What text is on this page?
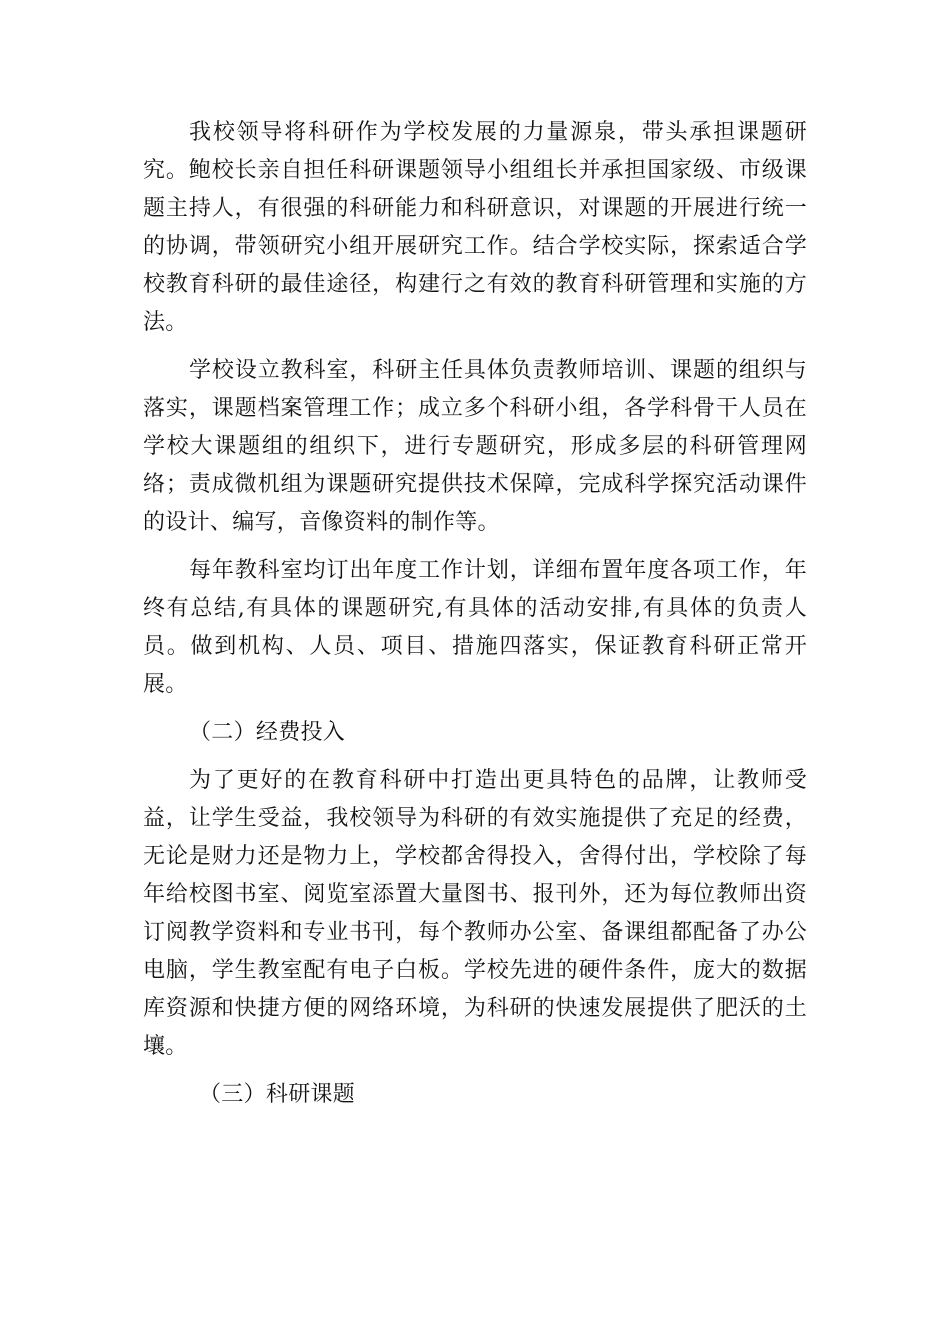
我校领导将科研作为学校发展的力量源泉，带头承担课题研究。鲍校长亲自担任科研课题领导小组组长并承担国家级、市级课题主持人，有很强的科研能力和科研意识，对课题的开展进行统一的协调，带领研究小组开展研究工作。结合学校实际，探索适合学校教育科研的最佳途径，构建行之有效的教育科研管理和实施的方法。

学校设立教科室，科研主任具体负责教师培训、课题的组织与落实，课题档案管理工作；成立多个科研小组，各学科骨干人员在学校大课题组的组织下，进行专题研究，形成多层的科研管理网络；责成微机组为课题研究提供技术保障，完成科学探究活动课件的设计、编写，音像资料的制作等。

每年教科室均订出年度工作计划，详细布置年度各项工作，年终有总结,有具体的课题研究,有具体的活动安排,有具体的负责人员。做到机构、人员、项目、措施四落实，保证教育科研正常开展。

（二）经费投入

为了更好的在教育科研中打造出更具特色的品牌，让教师受益，让学生受益，我校领导为科研的有效实施提供了充足的经费，无论是财力还是物力上，学校都舍得投入，舍得付出，学校除了每年给校图书室、阅览室添置大量图书、报刊外，还为每位教师出资订阅教学资料和专业书刊，每个教师办公室、备课组都配备了办公电脑，学生教室配有电子白板。学校先进的硬件条件，庞大的数据库资源和快捷方便的网络环境，为科研的快速发展提供了肥沃的土壤。

（三）科研课题
